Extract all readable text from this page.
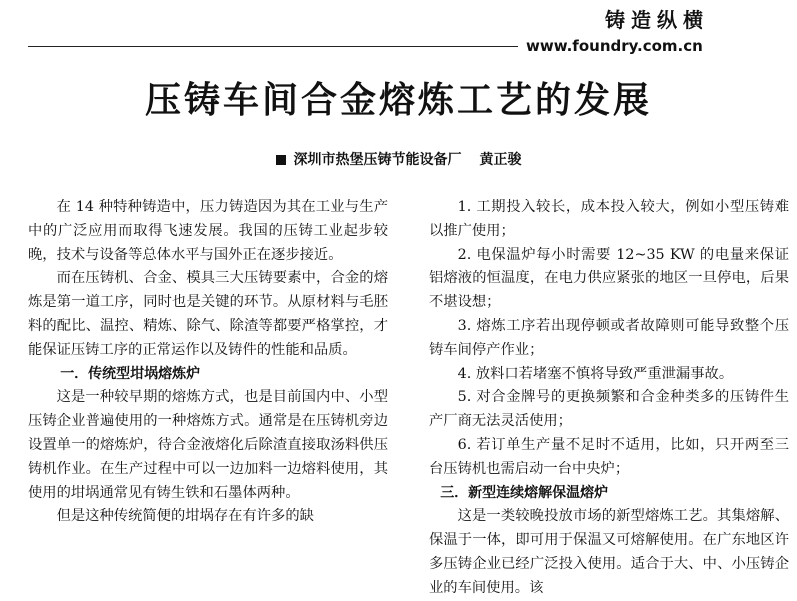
铸造纵横
www.foundry.com.cn
压铸车间合金熔炼工艺的发展
深圳市热堡压铸节能设备厂 黄正骏

在 14 种特种铸造中，压力铸造因为其在工业与生产中的广泛应用而取得飞速发展。我国的压铸工业起步较晚，技术与设备等总体水平与国外正在逐步接近。

而在压铸机、合金、模具三大压铸要素中，合金的熔炼是第一道工序，同时也是关键的环节。从原材料与毛胚料的配比、温控、精炼、除气、除渣等都要严格掌控，才能保证压铸工序的正常运作以及铸件的性能和品质。

一．传统型坩埚熔炼炉

这是一种较早期的熔炼方式，也是目前国内中、小型压铸企业普遍使用的一种熔炼方式。通常是在压铸机旁边设置单一的熔炼炉，待合金液熔化后除渣直接取汤料供压铸机作业。在生产过程中可以一边加料一边熔料使用，其使用的坩埚通常见有铸生铁和石墨体两种。

但是这种传统简便的坩埚存在有许多的缺

1. 工期投入较长，成本投入较大，例如小型压铸难以推广使用；

2. 电保温炉每小时需要 12~35 KW 的电量来保证铝熔液的恒温度，在电力供应紧张的地区一旦停电，后果不堪设想；

3. 熔炼工序若出现停顿或者故障则可能导致整个压铸车间停产作业；

4. 放料口若堵塞不慎将导致严重泄漏事故。

5. 对合金牌号的更换频繁和合金种类多的压铸件生产厂商无法灵活使用；

6. 若订单生产量不足时不适用，比如，只开两至三台压铸机也需启动一台中央炉；

三．新型连续熔解保温熔炉

这是一类较晚投放市场的新型熔炼工艺。其集熔解、保温于一体，即可用于保温又可熔解使用。在广东地区许多压铸企业已经广泛投入使用。适合于大、中、小压铸企业的车间使用。该
